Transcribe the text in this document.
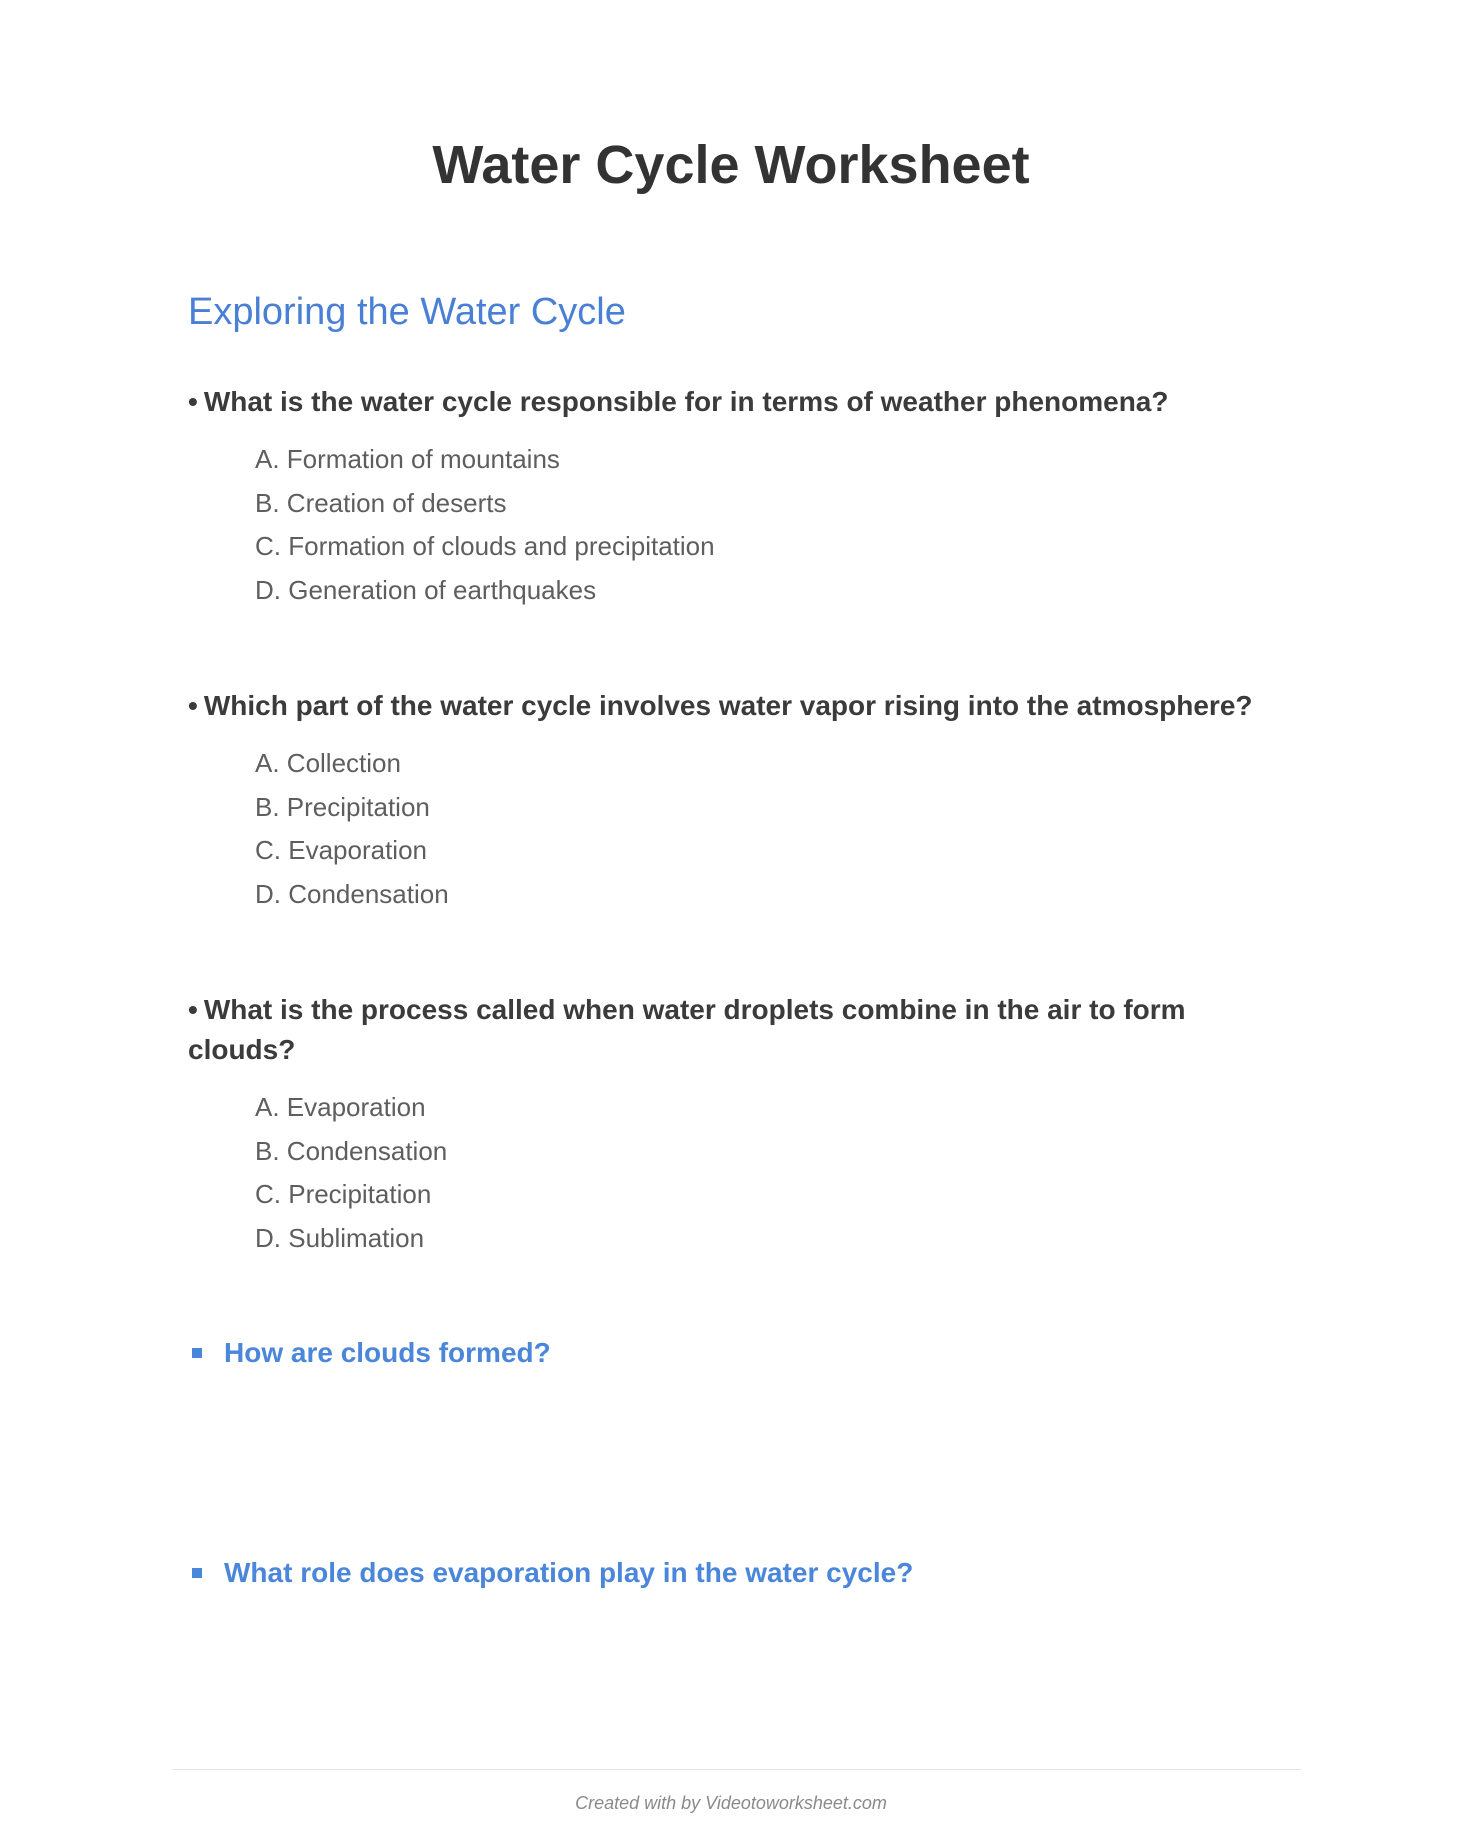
Water Cycle Worksheet
Exploring the Water Cycle

• What is the water cycle responsible for in terms of weather phenomena?

A. Formation of mountains
B. Creation of deserts
C. Formation of clouds and precipitation
D. Generation of earthquakes

• Which part of the water cycle involves water vapor rising into the atmosphere?

A. Collection
B. Precipitation
C. Evaporation
D. Condensation

• What is the process called when water droplets combine in the air to form clouds?

A. Evaporation
B. Condensation
C. Precipitation
D. Sublimation
How are clouds formed?
What role does evaporation play in the water cycle?
Created with by Videotoworksheet.com
